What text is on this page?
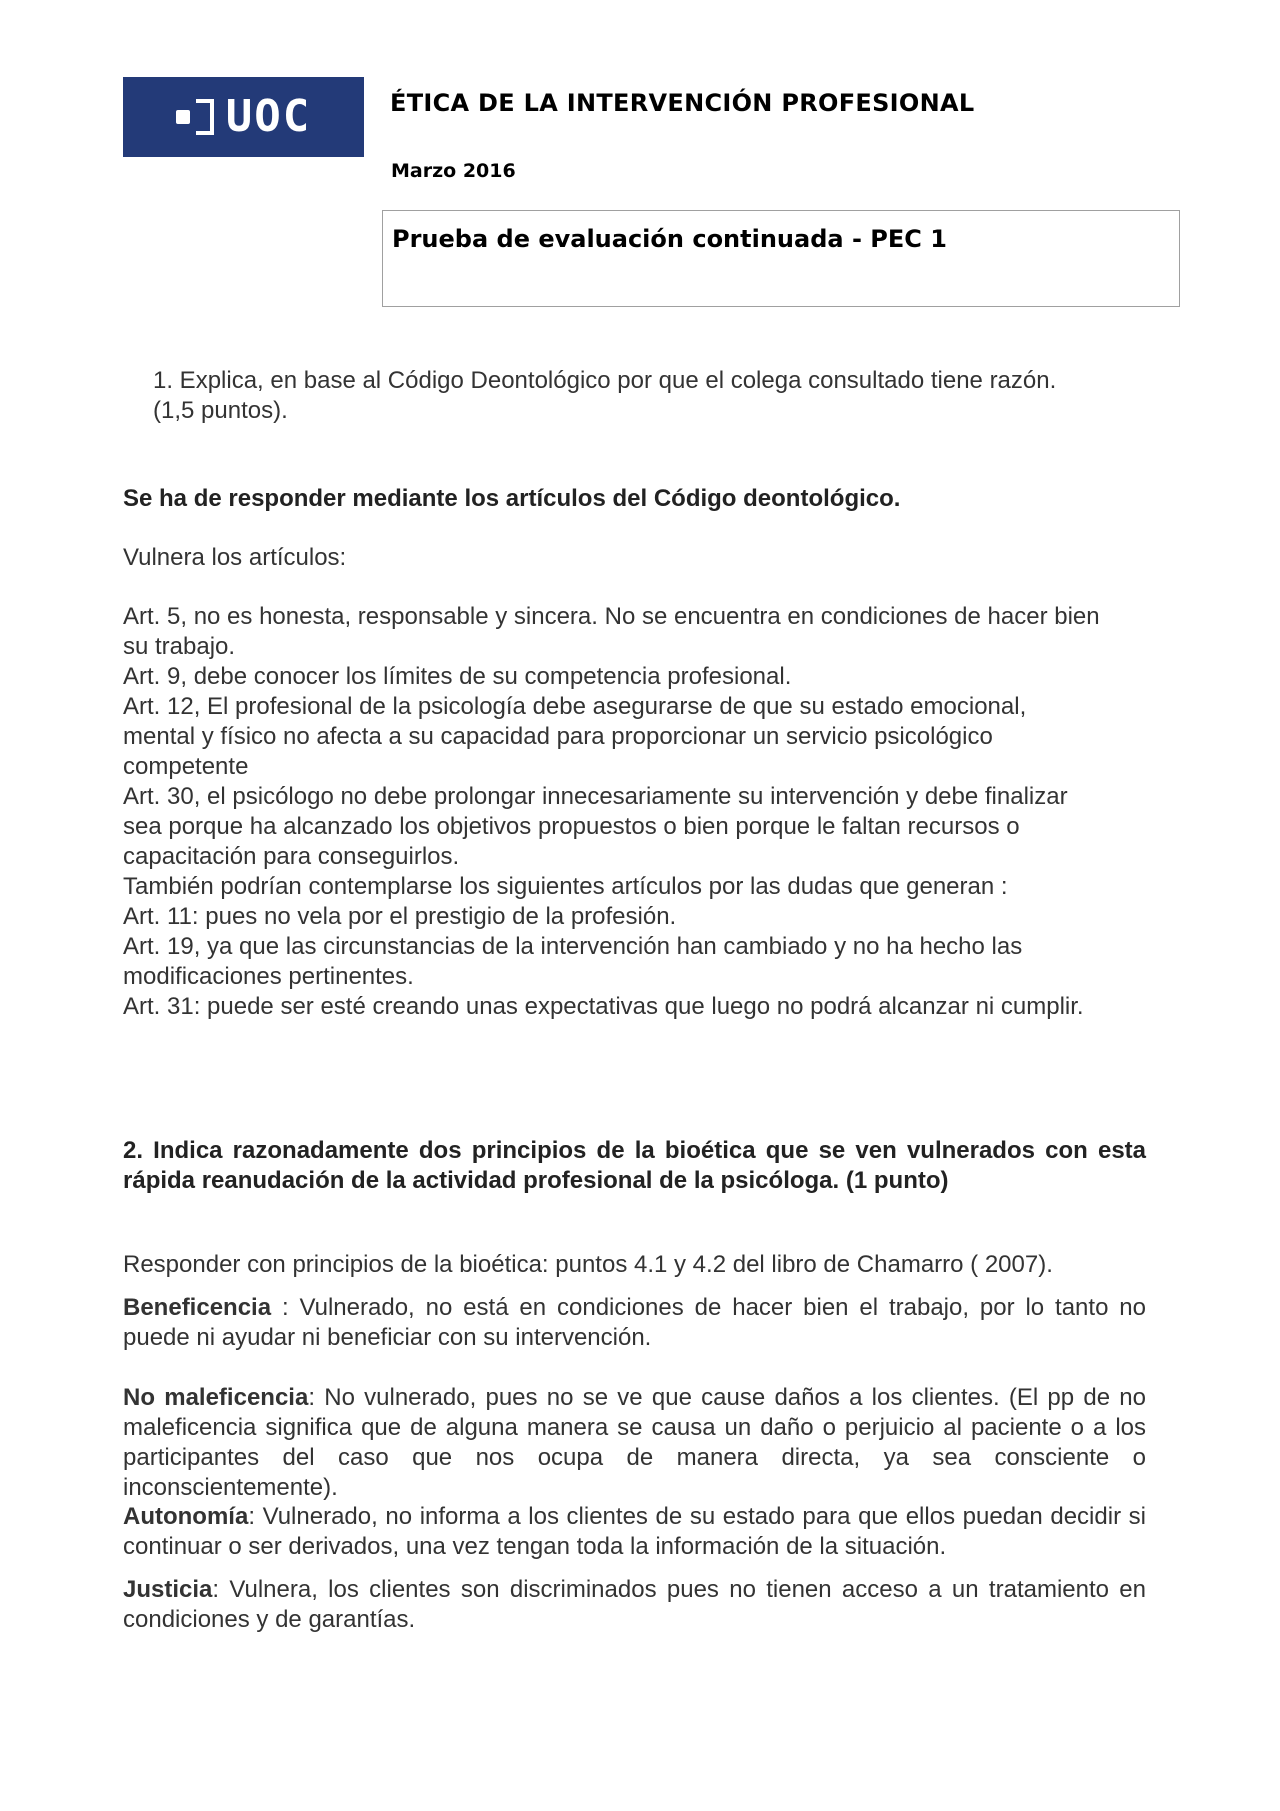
UOC	ÉTICA DE LA INTERVENCIÓN PROFESIONAL
Marzo 2016
Prueba de evaluación continuada - PEC 1

1. Explica, en base al Código Deontológico por que el colega consultado tiene razón.

(1,5 puntos).

Se ha de responder mediante los artículos del Código deontológico.

Vulnera los artículos:

Art. 5, no es honesta, responsable y sincera. No se encuentra en condiciones de hacer bien

su trabajo.

Art. 9, debe conocer los límites de su competencia profesional.

Art. 12, El profesional de la psicología debe asegurarse de que su estado emocional,

mental y físico no afecta a su capacidad para proporcionar un servicio psicológico

competente

Art. 30, el psicólogo no debe prolongar innecesariamente su intervención y debe finalizar

sea porque ha alcanzado los objetivos propuestos o bien porque le faltan recursos o

capacitación para conseguirlos.

También podrían contemplarse los siguientes artículos por las dudas que generan :

Art. 11: pues no vela por el prestigio de la profesión.

Art. 19, ya que las circunstancias de la intervención han cambiado y no ha hecho las

modificaciones pertinentes.

Art. 31: puede ser esté creando unas expectativas que luego no podrá alcanzar ni cumplir.

2. Indica razonadamente dos principios de la bioética que se ven vulnerados con esta rápida reanudación de la actividad profesional de la psicóloga. (1 punto)

Responder con principios de la bioética: puntos 4.1 y 4.2 del libro de Chamarro ( 2007).

Beneficencia : Vulnerado, no está en condiciones de hacer bien el trabajo, por lo tanto no puede ni ayudar ni beneficiar con su intervención.

No maleficencia: No vulnerado, pues no se ve que cause daños a los clientes. (El pp de no maleficencia significa que de alguna manera se causa un daño o perjuicio al paciente o a los participantes del caso que nos ocupa de manera directa, ya sea consciente o inconscientemente).

Autonomía: Vulnerado, no informa a los clientes de su estado para que ellos puedan decidir si continuar o ser derivados, una vez tengan toda la información de la situación.

Justicia: Vulnera, los clientes son discriminados pues no tienen acceso a un tratamiento en condiciones y de garantías.
